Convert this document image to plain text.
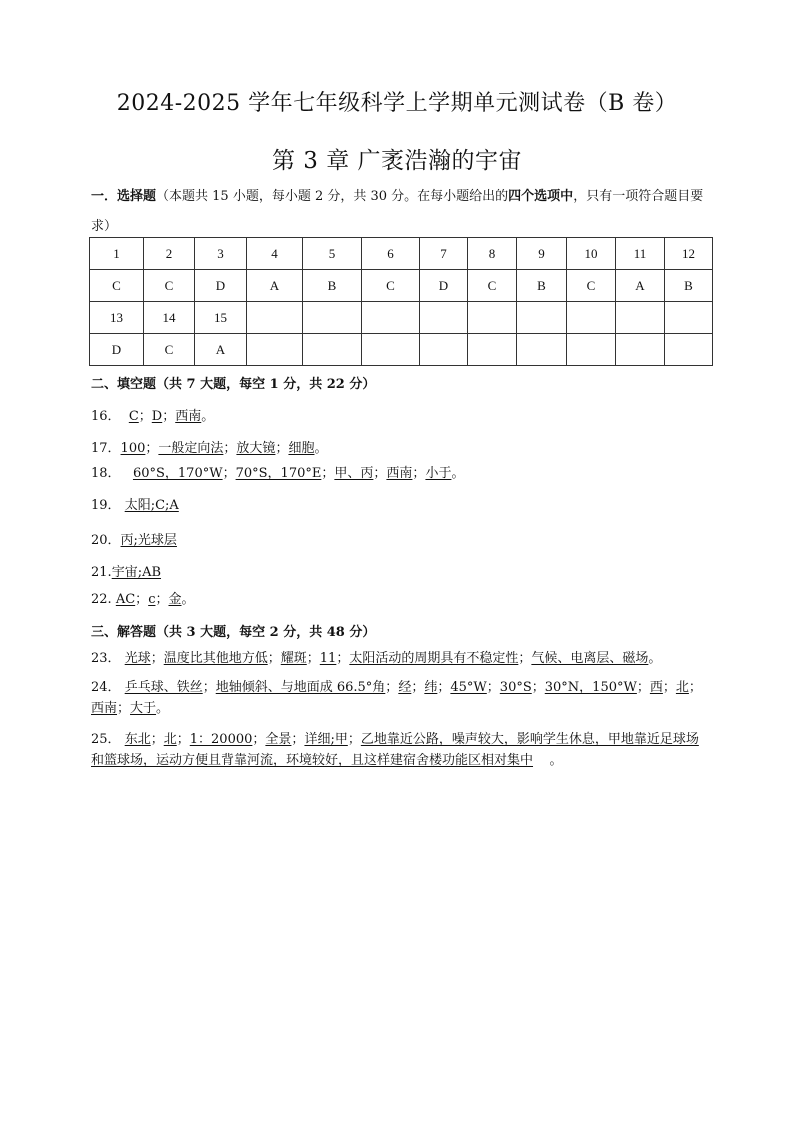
2024-2025 学年七年级科学上学期单元测试卷（B 卷）
第 3 章 广袤浩瀚的宇宙
一．选择题（本题共 15 小题，每小题 2 分，共 30 分。在每小题给出的四个选项中，只有一项符合题目要求）
1	2	3	4	5	6	7	8	9	10	11	12
C	C	D	A	B	C	D	C	B	C	A	B
13	14	15									
D	C	A									
二、填空题（共 7 大题，每空 1 分，共 22 分）
16． C；D；西南。
17．100；一般定向法；放大镜；细胞。
18． 60°S，170°W；70°S，170°E；甲、丙；西南；小于。
19． 太阳;C;A
20．丙;光球层
21.宇宙;AB
22. AC；c；金。
三、解答题（共 3 大题，每空 2 分，共 48 分）
23． 光球；温度比其他地方低；耀斑；11；太阳活动的周期具有不稳定性；气候、电离层、磁场。
24． 乒乓球、铁丝；地轴倾斜、与地面成 66.5°角；经；纬；45°W；30°S；30°N，150°W；西；北；西南；大于。
25． 东北；北；1：20000；全景；详细;甲；乙地靠近公路，噪声较大，影响学生休息，甲地靠近足球场和篮球场，运动方便且背靠河流，环境较好，且这样建宿舍楼功能区相对集中 。
